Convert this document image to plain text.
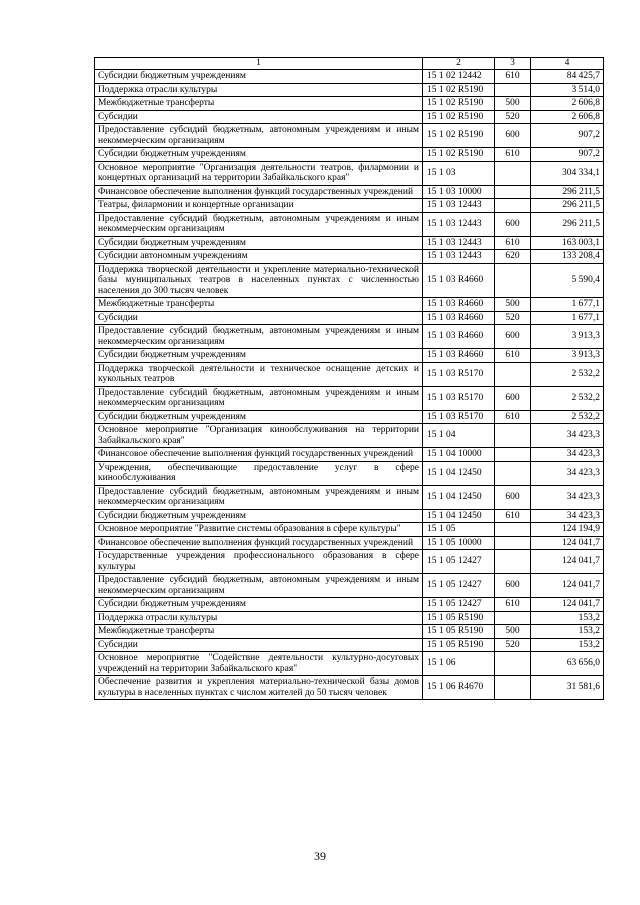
1	2	3	4
Субсидии бюджетным учреждениям	15 1 02 12442	610	84 425,7
Поддержка отрасли культуры	15 1 02 R5190		3 514,0
Межбюджетные трансферты	15 1 02 R5190	500	2 606,8
Субсидии	15 1 02 R5190	520	2 606,8
Предоставление субсидий бюджетным, автономным учреждениям и иным некоммерческим организациям	15 1 02 R5190	600	907,2
Субсидии бюджетным учреждениям	15 1 02 R5190	610	907,2
Основное мероприятие "Организация деятельности театров, филармонии и концертных организаций на территории Забайкальского края"	15 1 03		304 334,1
Финансовое обеспечение выполнения функций государственных учреждений	15 1 03 10000		296 211,5
Театры, филармонии и концертные организации	15 1 03 12443		296 211,5
Предоставление субсидий бюджетным, автономным учреждениям и иным некоммерческим организациям	15 1 03 12443	600	296 211,5
Субсидии бюджетным учреждениям	15 1 03 12443	610	163 003,1
Субсидии автономным учреждениям	15 1 03 12443	620	133 208,4
Поддержка творческой деятельности и укрепление материально-технической базы муниципальных театров в населенных пунктах с численностью населения до 300 тысяч человек	15 1 03 R4660		5 590,4
Межбюджетные трансферты	15 1 03 R4660	500	1 677,1
Субсидии	15 1 03 R4660	520	1 677,1
Предоставление субсидий бюджетным, автономным учреждениям и иным некоммерческим организациям	15 1 03 R4660	600	3 913,3
Субсидии бюджетным учреждениям	15 1 03 R4660	610	3 913,3
Поддержка творческой деятельности и техническое оснащение детских и кукольных театров	15 1 03 R5170		2 532,2
Предоставление субсидий бюджетным, автономным учреждениям и иным некоммерческим организациям	15 1 03 R5170	600	2 532,2
Субсидии бюджетным учреждениям	15 1 03 R5170	610	2 532,2
Основное мероприятие "Организация кинообслуживания на территории Забайкальского края"	15 1 04		34 423,3
Финансовое обеспечение выполнения функций государственных учреждений	15 1 04 10000		34 423,3
Учреждения, обеспечивающие предоставление услуг в сфере кинообслуживания	15 1 04 12450		34 423,3
Предоставление субсидий бюджетным, автономным учреждениям и иным некоммерческим организациям	15 1 04 12450	600	34 423,3
Субсидии бюджетным учреждениям	15 1 04 12450	610	34 423,3
Основное мероприятие "Развитие системы образования в сфере культуры"	15 1 05		124 194,9
Финансовое обеспечение выполнения функций государственных учреждений	15 1 05 10000		124 041,7
Государственные учреждения профессионального образования в сфере культуры	15 1 05 12427		124 041,7
Предоставление субсидий бюджетным, автономным учреждениям и иным некоммерческим организациям	15 1 05 12427	600	124 041,7
Субсидии бюджетным учреждениям	15 1 05 12427	610	124 041,7
Поддержка отрасли культуры	15 1 05 R5190		153,2
Межбюджетные трансферты	15 1 05 R5190	500	153,2
Субсидии	15 1 05 R5190	520	153,2
Основное мероприятие "Содействие деятельности культурно-досуговых учреждений на территории Забайкальского края"	15 1 06		63 656,0
Обеспечение развития и укрепления материально-технической базы домов культуры в населенных пунктах с числом жителей до 50 тысяч человек	15 1 06 R4670		31 581,6
39
